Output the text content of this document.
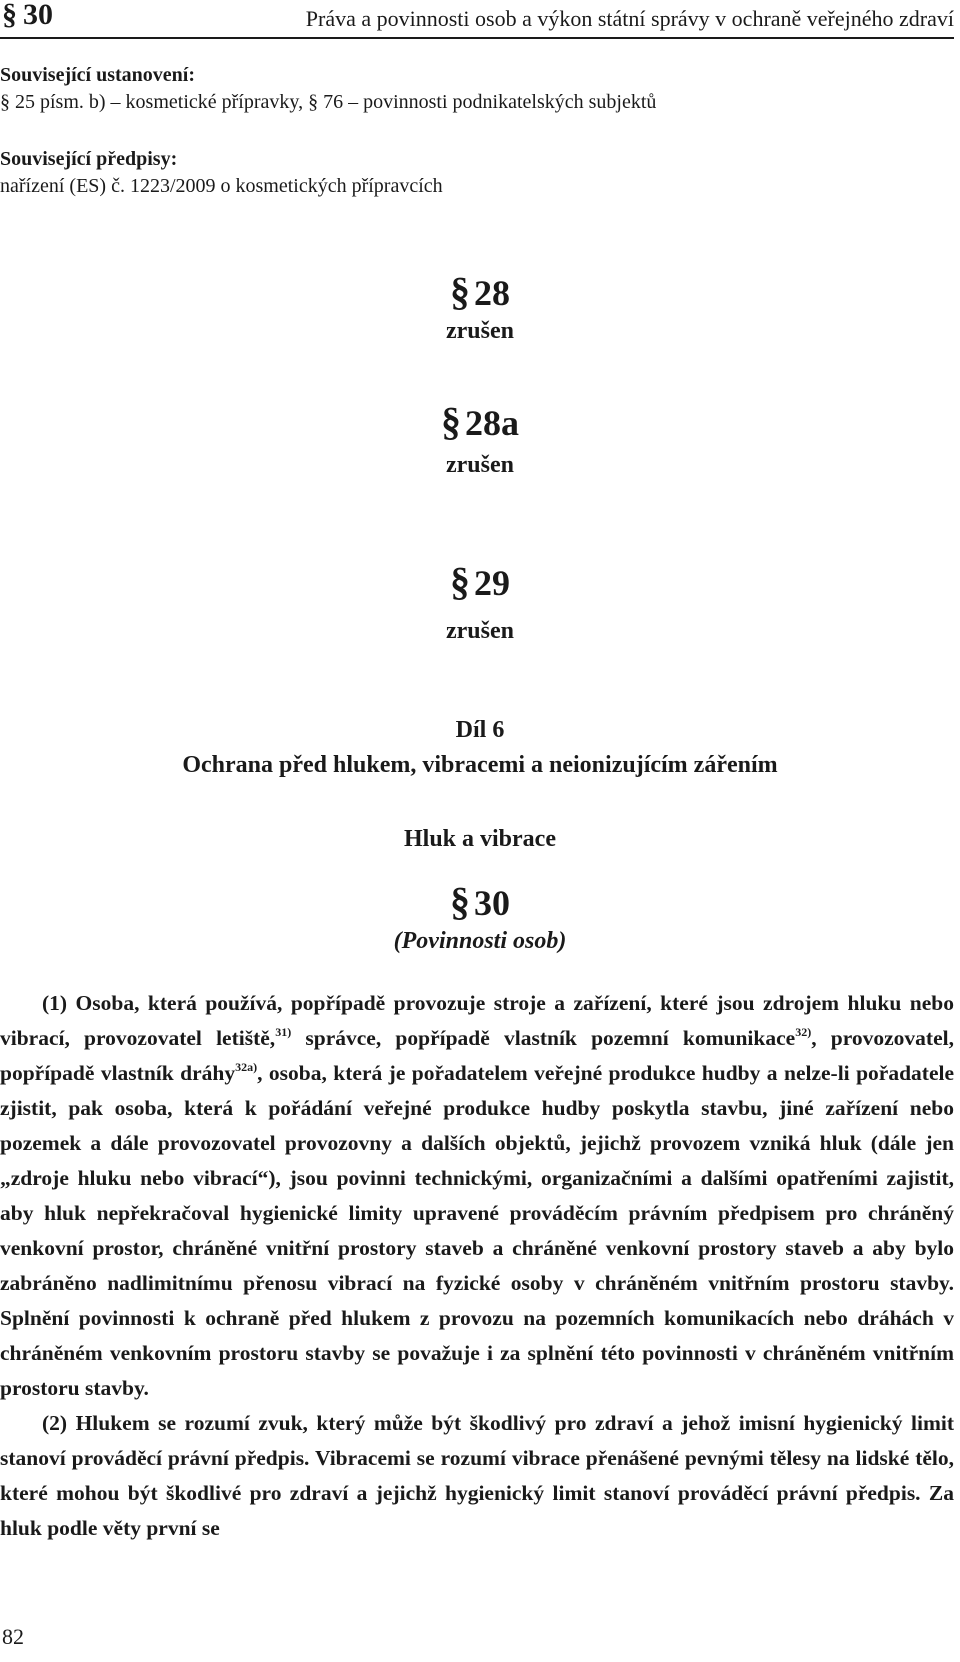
§ 30	Práva a povinnosti osob a výkon státní správy v ochraně veřejného zdraví
Související ustanovení:
§ 25 písm. b) – kosmetické přípravky, § 76 – povinnosti podnikatelských subjektů
Související předpisy:
nařízení (ES) č. 1223/2009 o kosmetických přípravcích
§ 28
zrušen
§ 28a
zrušen
§ 29
zrušen
Díl 6
Ochrana před hlukem, vibracemi a neionizujícím zářením
Hluk a vibrace
§ 30
(Povinnosti osob)

(1) Osoba, která používá, popřípadě provozuje stroje a zařízení, které jsou zdrojem hluku nebo vibrací, provozovatel letiště,$^{31)}$ správce, popřípadě vlastník pozemní komunikace$^{32)}$, provozovatel, popřípadě vlastník dráhy$^{32a)}$, osoba, která je pořadatelem veřejné produkce hudby a nelze-li pořadatele zjistit, pak osoba, která k pořádání veřejné produkce hudby poskytla stavbu, jiné zařízení nebo pozemek a dále provozovatel provozovny a dalších objektů, jejichž provozem vzniká hluk (dále jen „zdroje hluku nebo vibrací“), jsou povinni technickými, organizačními a dalšími opatřeními zajistit, aby hluk nepřekračoval hygienické limity upravené prováděcím právním předpisem pro chráněný venkovní prostor, chráněné vnitřní prostory staveb a chráněné venkovní prostory staveb a aby bylo zabráněno nadlimitnímu přenosu vibrací na fyzické osoby v chráněném vnitřním prostoru stavby. Splnění povinnosti k ochraně před hlukem z provozu na pozemních komunikacích nebo dráhách v chráněném venkovním prostoru stavby se považuje i za splnění této povinnosti v chráněném vnitřním prostoru stavby.

(2) Hlukem se rozumí zvuk, který může být škodlivý pro zdraví a jehož imisní hygienický limit stanoví prováděcí právní předpis. Vibracemi se rozumí vibrace přenášené pevnými tělesy na lidské tělo, které mohou být škodlivé pro zdraví a jejichž hygienický limit stanoví prováděcí právní předpis. Za hluk podle věty první se

82
